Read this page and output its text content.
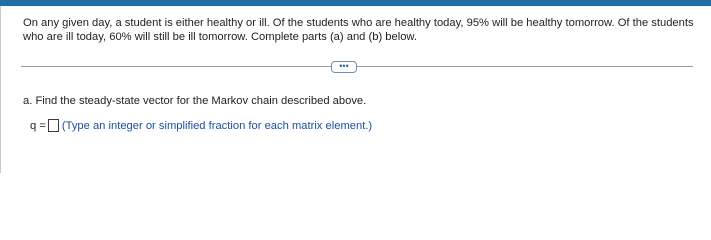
On any given day, a student is either healthy or ill. Of the students who are healthy today, 95% will be healthy tomorrow. Of the students who are ill today, 60% will still be ill tomorrow. Complete parts (a) and (b) below.
•••
a. Find the steady-state vector for the Markov chain described above.
q = (Type an integer or simplified fraction for each matrix element.)
